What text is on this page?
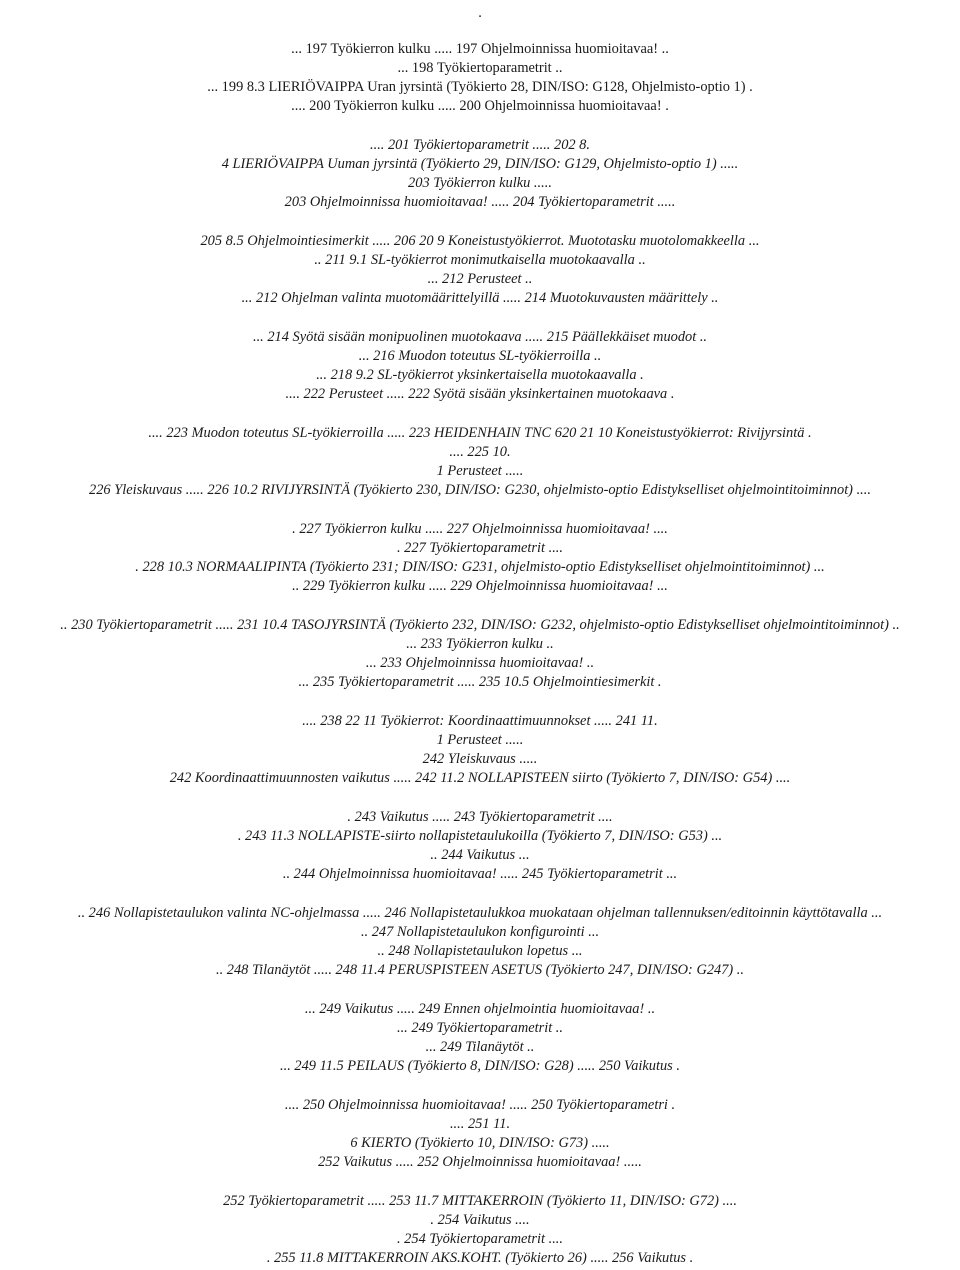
.
... 197 Työkierron kulku ..... 197 Ohjelmoinnissa huomioitavaa! ..
... 198 Työkiertoparametrit ..
... 199 8.3 LIERIÖVAIPPA Uran jyrsintä (Työkierto 28, DIN/ISO: G128, Ohjelmisto-optio 1) .
.... 200 Työkierron kulku ..... 200 Ohjelmoinnissa huomioitavaa! .
.... 201 Työkiertoparametrit ..... 202 8.
4 LIERIÖVAIPPA Uuman jyrsintä (Työkierto 29, DIN/ISO: G129, Ohjelmisto-optio 1) .....
203 Työkierron kulku .....
203 Ohjelmoinnissa huomioitavaa! ..... 204 Työkiertoparametrit .....
205 8.5 Ohjelmointiesimerkit ..... 206 20 9 Koneistustyökierrot. Muototasku muotolomakkeella ...
.. 211 9.1 SL-työkierrot monimutkaisella muotokaavalla ..
... 212 Perusteet ..
... 212 Ohjelman valinta muotomäärittelyillä ..... 214 Muotokuvausten määrittely ..
... 214 Syötä sisään monipuolinen muotokaava ..... 215 Päällekkäiset muodot ..
... 216 Muodon toteutus SL-työkierroilla ..
... 218 9.2 SL-työkierrot yksinkertaisella muotokaavalla .
.... 222 Perusteet ..... 222 Syötä sisään yksinkertainen muotokaava .
.... 223 Muodon toteutus SL-työkierroilla ..... 223 HEIDENHAIN TNC 620 21 10 Koneistustyökierrot: Rivijyrsintä .
.... 225 10.
1 Perusteet .....
226 Yleiskuvaus ..... 226 10.2 RIVIJYRSINTÄ (Työkierto 230, DIN/ISO: G230, ohjelmisto-optio Edistykselliset ohjelmointitoiminnot) ....
. 227 Työkierron kulku ..... 227 Ohjelmoinnissa huomioitavaa! ....
. 227 Työkiertoparametrit ....
. 228 10.3 NORMAALIPINTA (Työkierto 231; DIN/ISO: G231, ohjelmisto-optio Edistykselliset ohjelmointitoiminnot) ...
.. 229 Työkierron kulku ..... 229 Ohjelmoinnissa huomioitavaa! ...
.. 230 Työkiertoparametrit ..... 231 10.4 TASOJYRSINTÄ (Työkierto 232, DIN/ISO: G232, ohjelmisto-optio Edistykselliset ohjelmointitoiminnot) ..
... 233 Työkierron kulku ..
... 233 Ohjelmoinnissa huomioitavaa! ..
... 235 Työkiertoparametrit ..... 235 10.5 Ohjelmointiesimerkit .
.... 238 22 11 Työkierrot: Koordinaattimuunnokset ..... 241 11.
1 Perusteet .....
242 Yleiskuvaus .....
242 Koordinaattimuunnosten vaikutus ..... 242 11.2 NOLLAPISTEEN siirto (Työkierto 7, DIN/ISO: G54) ....
. 243 Vaikutus ..... 243 Työkiertoparametrit ....
. 243 11.3 NOLLAPISTE-siirto nollapistetaulukoilla (Työkierto 7, DIN/ISO: G53) ...
.. 244 Vaikutus ...
.. 244 Ohjelmoinnissa huomioitavaa! ..... 245 Työkiertoparametrit ...
.. 246 Nollapistetaulukon valinta NC-ohjelmassa ..... 246 Nollapistetaulukkoa muokataan ohjelman tallennuksen/editoinnin käyttötavalla ...
.. 247 Nollapistetaulukon konfigurointi ...
.. 248 Nollapistetaulukon lopetus ...
.. 248 Tilanäytöt ..... 248 11.4 PERUSPISTEEN ASETUS (Työkierto 247, DIN/ISO: G247) ..
... 249 Vaikutus ..... 249 Ennen ohjelmointia huomioitavaa! ..
... 249 Työkiertoparametrit ..
... 249 Tilanäytöt ..
... 249 11.5 PEILAUS (Työkierto 8, DIN/ISO: G28) ..... 250 Vaikutus .
.... 250 Ohjelmoinnissa huomioitavaa! ..... 250 Työkiertoparametri .
.... 251 11.
6 KIERTO (Työkierto 10, DIN/ISO: G73) .....
252 Vaikutus ..... 252 Ohjelmoinnissa huomioitavaa! .....
252 Työkiertoparametrit ..... 253 11.7 MITTAKERROIN (Työkierto 11, DIN/ISO: G72) ....
. 254 Vaikutus ....
. 254 Työkiertoparametrit ....
. 255 11.8 MITTAKERROIN AKS.KOHT. (Työkierto 26) ..... 256 Vaikutus .
